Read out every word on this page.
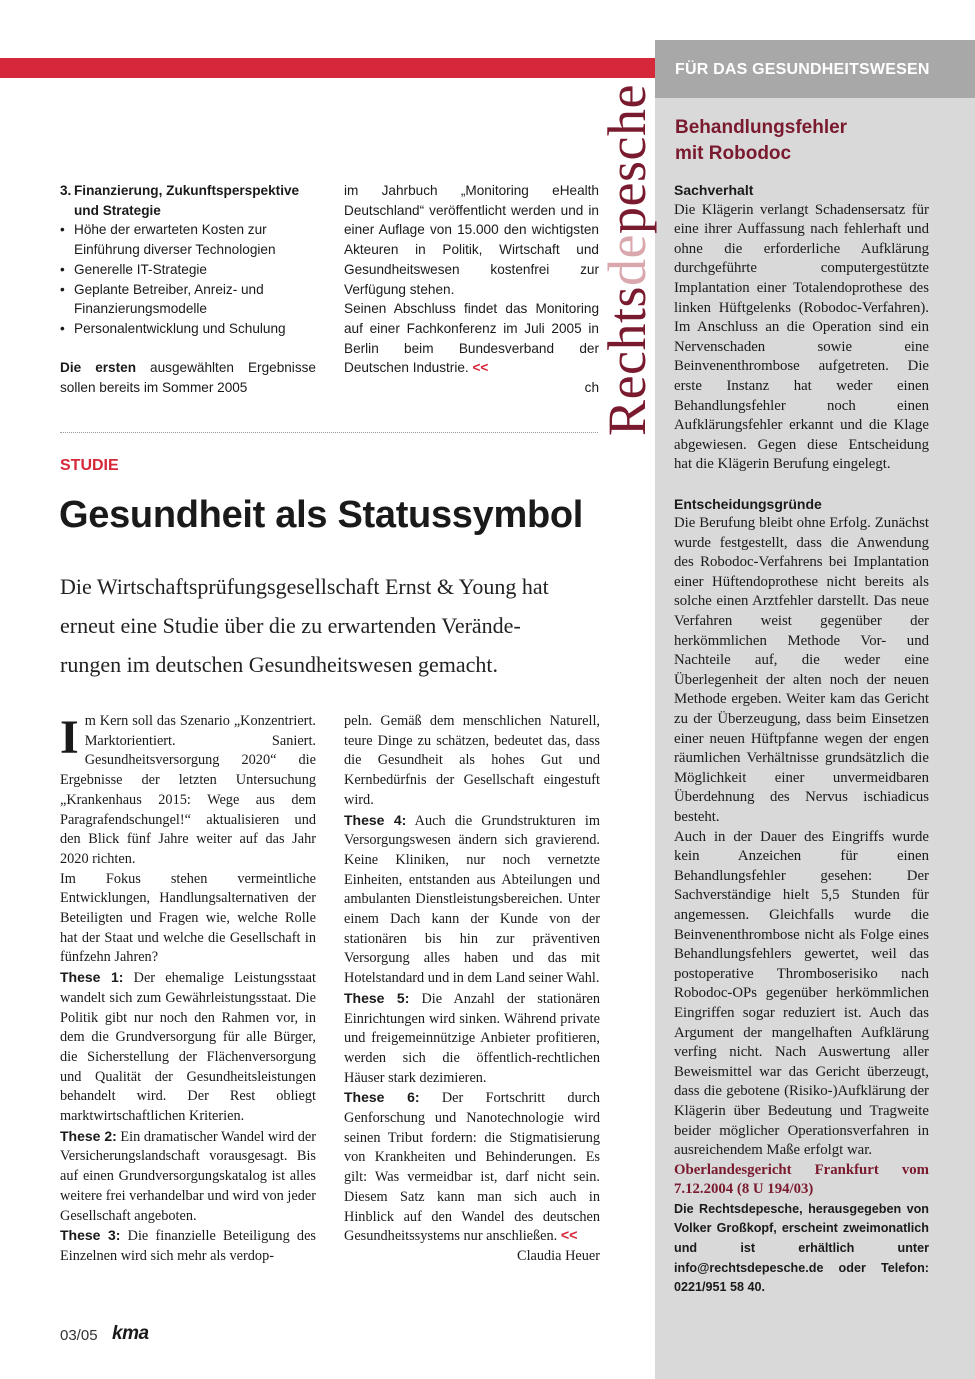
FÜR DAS GESUNDHEITSWESEN
Rechtsdepesche
3. Finanzierung, Zukunftsperspektive und Strategie
• Höhe der erwarteten Kosten zur Einführung diverser Technologien
• Generelle IT-Strategie
• Geplante Betreiber, Anreiz- und Finanzierungsmodelle
• Personalentwicklung und Schulung

Die ersten ausgewählten Ergebnisse sollen bereits im Sommer 2005

im Jahrbuch „Monitoring eHealth Deutschland“ veröffentlicht werden und in einer Auflage von 15.000 den wichtigsten Akteuren in Politik, Wirtschaft und Gesundheitswesen kostenfrei zur Verfügung stehen.

Seinen Abschluss findet das Monitoring auf einer Fachkonferenz im Juli 2005 in Berlin beim Bundesverband der Deutschen Industrie. <<

ch

STUDIE
Gesundheit als Statussymbol
Die Wirtschaftsprüfungsgesellschaft Ernst & Young hat
erneut eine Studie über die zu erwartenden Verände-
rungen im deutschen Gesundheitswesen gemacht.

Im Kern soll das Szenario „Konzentriert. Marktorientiert. Saniert. Gesundheitsversorgung 2020“ die Ergebnisse der letzten Untersuchung „Krankenhaus 2015: Wege aus dem Paragrafendschungel!“ aktualisieren und den Blick fünf Jahre weiter auf das Jahr 2020 richten.

Im Fokus stehen vermeintliche Entwicklungen, Handlungsalternativen der Beteiligten und Fragen wie, welche Rolle hat der Staat und welche die Gesellschaft in fünfzehn Jahren?

These 1: Der ehemalige Leistungsstaat wandelt sich zum Gewährleistungsstaat. Die Politik gibt nur noch den Rahmen vor, in dem die Grundversorgung für alle Bürger, die Sicherstellung der Flächenversorgung und Qualität der Gesundheitsleistungen behandelt wird. Der Rest obliegt marktwirtschaftlichen Kriterien.

These 2: Ein dramatischer Wandel wird der Versicherungslandschaft vorausgesagt. Bis auf einen Grundversorgungskatalog ist alles weitere frei verhandelbar und wird von jeder Gesellschaft angeboten.

These 3: Die finanzielle Beteiligung des Einzelnen wird sich mehr als verdop-

peln. Gemäß dem menschlichen Naturell, teure Dinge zu schätzen, bedeutet das, dass die Gesundheit als hohes Gut und Kernbedürfnis der Gesellschaft eingestuft wird.

These 4: Auch die Grundstrukturen im Versorgungswesen ändern sich gravierend. Keine Kliniken, nur noch vernetzte Einheiten, entstanden aus Abteilungen und ambulanten Dienstleistungsbereichen. Unter einem Dach kann der Kunde von der stationären bis hin zur präventiven Versorgung alles haben und das mit Hotelstandard und in dem Land seiner Wahl.

These 5: Die Anzahl der stationären Einrichtungen wird sinken. Während private und freigemeinnützige Anbieter profitieren, werden sich die öffentlich-rechtlichen Häuser stark dezimieren.

These 6: Der Fortschritt durch Genforschung und Nanotechnologie wird seinen Tribut fordern: die Stigmatisierung von Krankheiten und Behinderungen. Es gilt: Was vermeidbar ist, darf nicht sein. Diesem Satz kann man sich auch in Hinblick auf den Wandel des deutschen Gesundheitssystems nur anschließen. <<

Claudia Heuer

Behandlungsfehler
mit Robodoc
Sachverhalt

Die Klägerin verlangt Schadensersatz für eine ihrer Auffassung nach fehlerhaft und ohne die erforderliche Aufklärung durchgeführte computergestützte Implantation einer Totalendoprothese des linken Hüftgelenks (Robodoc-Verfahren). Im Anschluss an die Operation sind ein Nervenschaden sowie eine Beinvenenthrombose aufgetreten. Die erste Instanz hat weder einen Behandlungsfehler noch einen Aufklärungsfehler erkannt und die Klage abgewiesen. Gegen diese Entscheidung hat die Klägerin Berufung eingelegt.

Entscheidungsgründe

Die Berufung bleibt ohne Erfolg. Zunächst wurde festgestellt, dass die Anwendung des Robodoc-Verfahrens bei Implantation einer Hüftendoprothese nicht bereits als solche einen Arztfehler darstellt. Das neue Verfahren weist gegenüber der herkömmlichen Methode Vor- und Nachteile auf, die weder eine Überlegenheit der alten noch der neuen Methode ergeben. Weiter kam das Gericht zu der Überzeugung, dass beim Einsetzen einer neuen Hüftpfanne wegen der engen räumlichen Verhältnisse grundsätzlich die Möglichkeit einer unvermeidbaren Überdehnung des Nervus ischiadicus besteht.

Auch in der Dauer des Eingriffs wurde kein Anzeichen für einen Behandlungsfehler gesehen: Der Sachverständige hielt 5,5 Stunden für angemessen. Gleichfalls wurde die Beinvenenthrombose nicht als Folge eines Behandlungsfehlers gewertet, weil das postoperative Thromboserisiko nach Robodoc-OPs gegenüber herkömmlichen Eingriffen sogar reduziert ist. Auch das Argument der mangelhaften Aufklärung verfing nicht. Nach Auswertung aller Beweismittel war das Gericht überzeugt, dass die gebotene (Risiko-)Aufklärung der Klägerin über Bedeutung und Tragweite beider möglicher Operationsverfahren in ausreichendem Maße erfolgt war.

Oberlandesgericht Frankfurt vom 7.12.2004 (8 U 194/03)

Die Rechtsdepesche, herausgegeben von Volker Großkopf, erscheint zweimonatlich und ist erhältlich unter info@rechtsdepesche.de oder Telefon: 0221/951 58 40.

03/05 kma
